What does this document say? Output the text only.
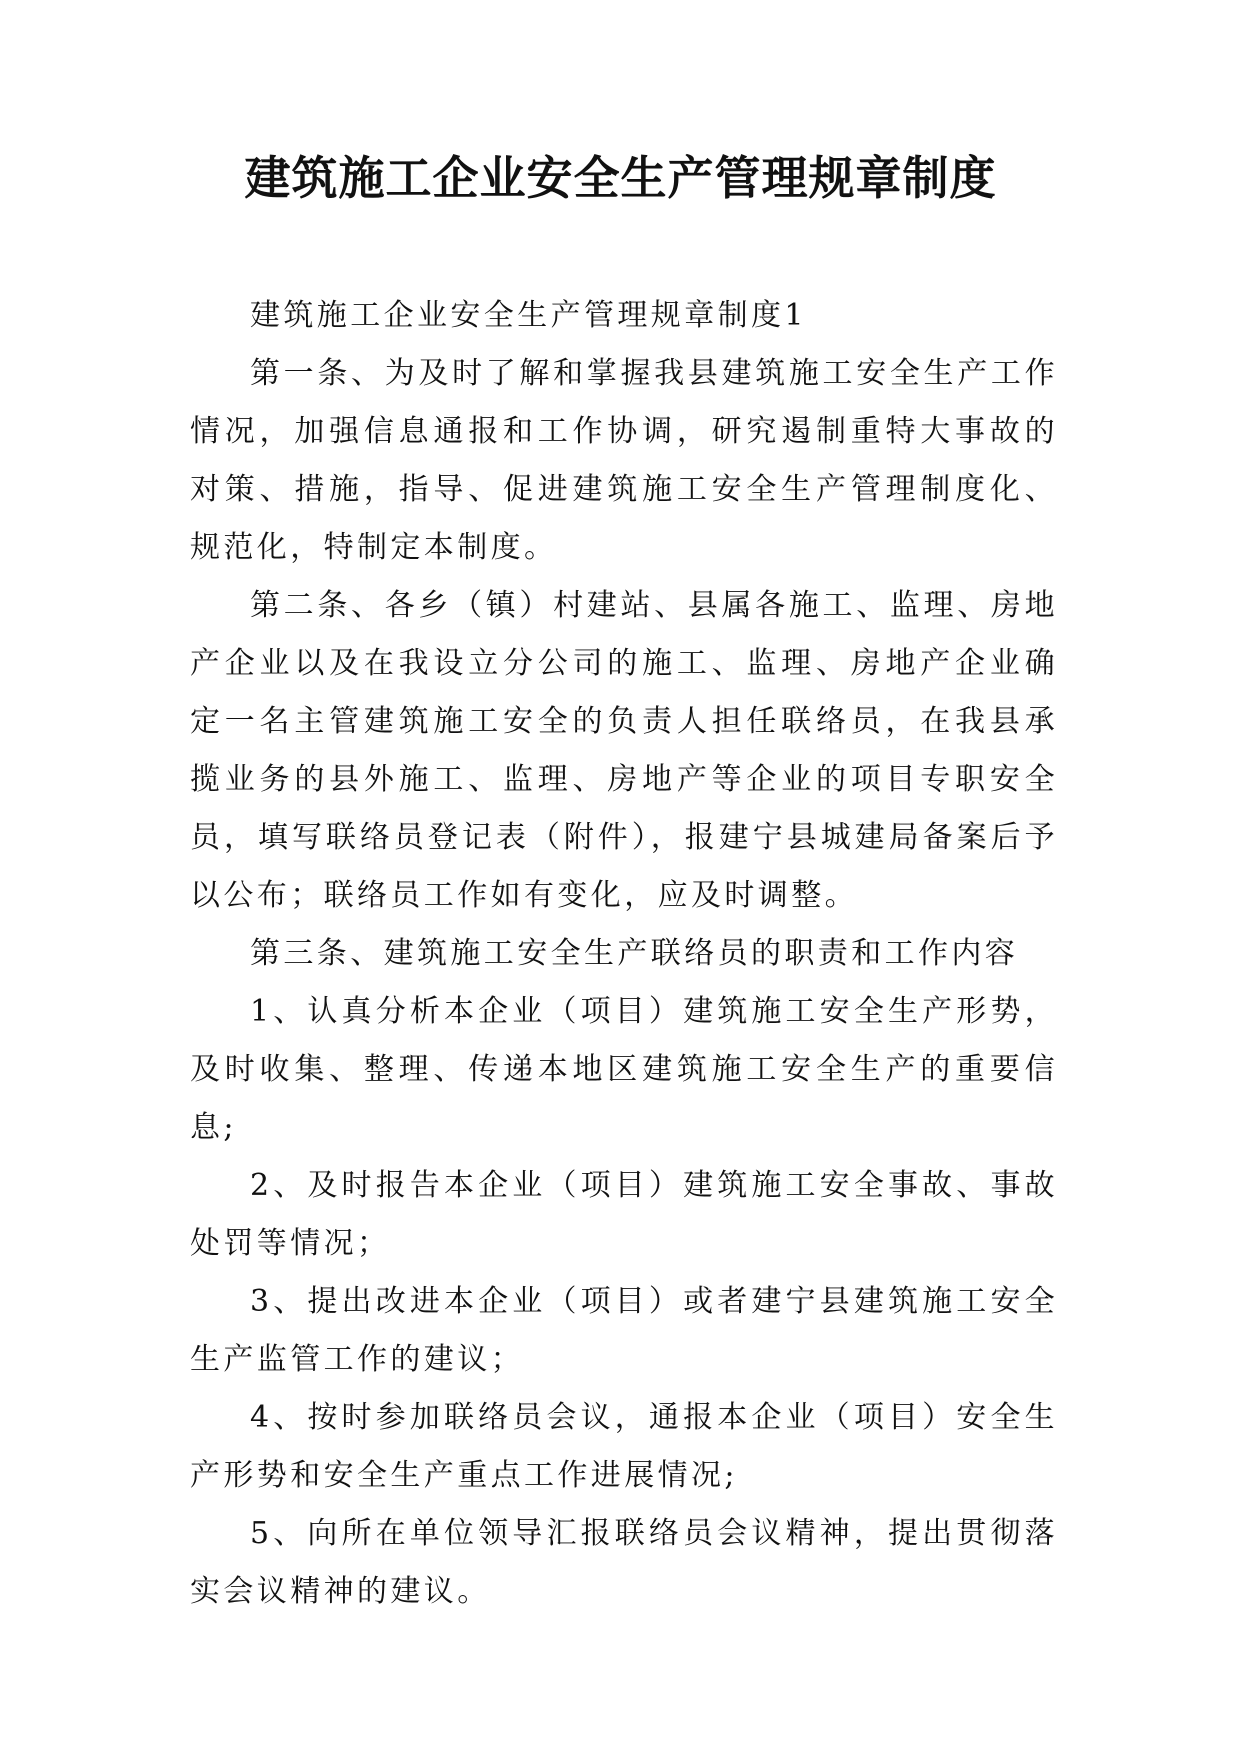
建筑施工企业安全生产管理规章制度

建筑施工企业安全生产管理规章制度1

第一条、为及时了解和掌握我县建筑施工安全生产工作情况，加强信息通报和工作协调，研究遏制重特大事故的对策、措施，指导、促进建筑施工安全生产管理制度化、规范化，特制定本制度。

第二条、各乡（镇）村建站、县属各施工、监理、房地产企业以及在我设立分公司的施工、监理、房地产企业确定一名主管建筑施工安全的负责人担任联络员，在我县承揽业务的县外施工、监理、房地产等企业的项目专职安全员，填写联络员登记表（附件），报建宁县城建局备案后予以公布；联络员工作如有变化，应及时调整。

第三条、建筑施工安全生产联络员的职责和工作内容

1、认真分析本企业（项目）建筑施工安全生产形势，及时收集、整理、传递本地区建筑施工安全生产的重要信息;

2、及时报告本企业（项目）建筑施工安全事故、事故处罚等情况；

3、提出改进本企业（项目）或者建宁县建筑施工安全生产监管工作的建议；

4、按时参加联络员会议，通报本企业（项目）安全生产形势和安全生产重点工作进展情况;

5、向所在单位领导汇报联络员会议精神，提出贯彻落实会议精神的建议。
